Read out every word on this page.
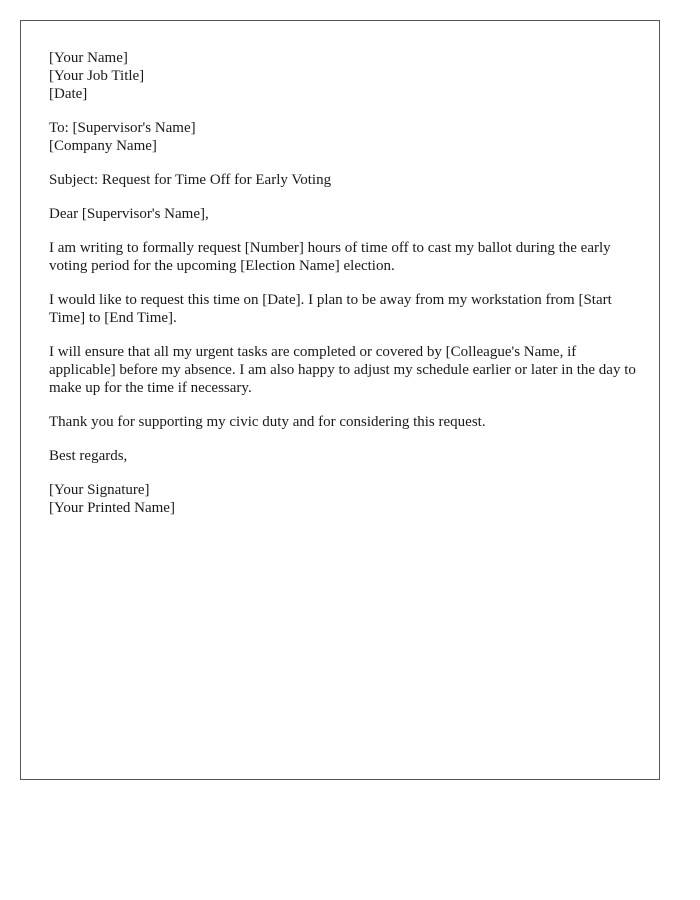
[Your Name]
[Your Job Title]
[Date]
To: [Supervisor's Name]
[Company Name]
Subject: Request for Time Off for Early Voting
Dear [Supervisor's Name],

I am writing to formally request [Number] hours of time off to cast my ballot during the early voting period for the upcoming [Election Name] election.

I would like to request this time on [Date]. I plan to be away from my workstation from [Start Time] to [End Time].

I will ensure that all my urgent tasks are completed or covered by [Colleague's Name, if applicable] before my absence. I am also happy to adjust my schedule earlier or later in the day to make up for the time if necessary.

Thank you for supporting my civic duty and for considering this request.

Best regards,
[Your Signature]
[Your Printed Name]
